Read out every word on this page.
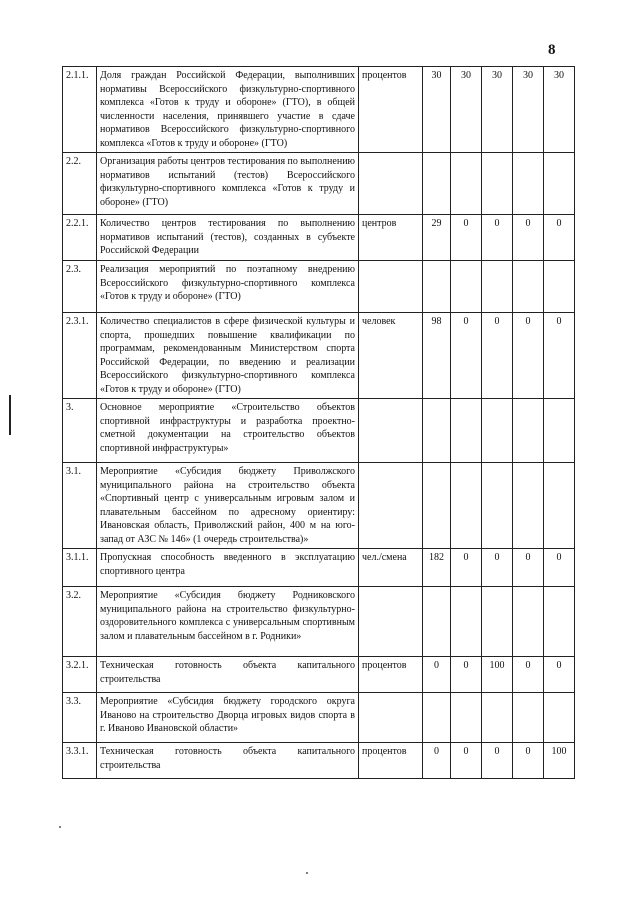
8
2.1.1.	Доля граждан Российской Федерации, выполнивших нормативы Всероссийского физкультурно-спортивного комплекса «Готов к труду и обороне» (ГТО), в общей численности населения, принявшего участие в сдаче нормативов Всероссийского физкультурно-спортивного комплекса «Готов к труду и обороне» (ГТО)	процентов	30	30	30	30	30
2.2.	Организация работы центров тестирования по выполнению нормативов испытаний (тестов) Всероссийского физкультурно-спортивного комплекса «Готов к труду и обороне» (ГТО)						
2.2.1.	Количество центров тестирования по выполнению нормативов испытаний (тестов), созданных в субъекте Российской Федерации	центров	29	0	0	0	0
2.3.	Реализация мероприятий по поэтапному внедрению Всероссийского физкультурно-спортивного комплекса «Готов к труду и обороне» (ГТО)						
2.3.1.	Количество специалистов в сфере физической культуры и спорта, прошедших повышение квалификации по программам, рекомендованным Министерством спорта Российской Федерации, по введению и реализации Всероссийского физкультурно-спортивного комплекса «Готов к труду и обороне» (ГТО)	человек	98	0	0	0	0
3.	Основное мероприятие «Строительство объектов спортивной инфраструктуры и разработка проектно-сметной документации на строительство объектов спортивной инфраструктуры»						
3.1.	Мероприятие «Субсидия бюджету Приволжского муниципального района на строительство объекта «Спортивный центр с универсальным игровым залом и плавательным бассейном по адресному ориентиру: Ивановская область, Приволжский район, 400 м на юго-запад от АЗС № 146» (1 очередь строительства)»						
3.1.1.	Пропускная способность введенного в эксплуатацию спортивного центра	чел./смена	182	0	0	0	0
3.2.	Мероприятие «Субсидия бюджету Родниковского муниципального района на строительство физкультурно-оздоровительного комплекса с универсальным спортивным залом и плавательным бассейном в г. Родники»						
3.2.1.	Техническая готовность объекта капитального строительства	процентов	0	0	100	0	0
3.3.	Мероприятие «Субсидия бюджету городского округа Иваново на строительство Дворца игровых видов спорта в г. Иваново Ивановской области»						
3.3.1.	Техническая готовность объекта капитального строительства	процентов	0	0	0	0	100
